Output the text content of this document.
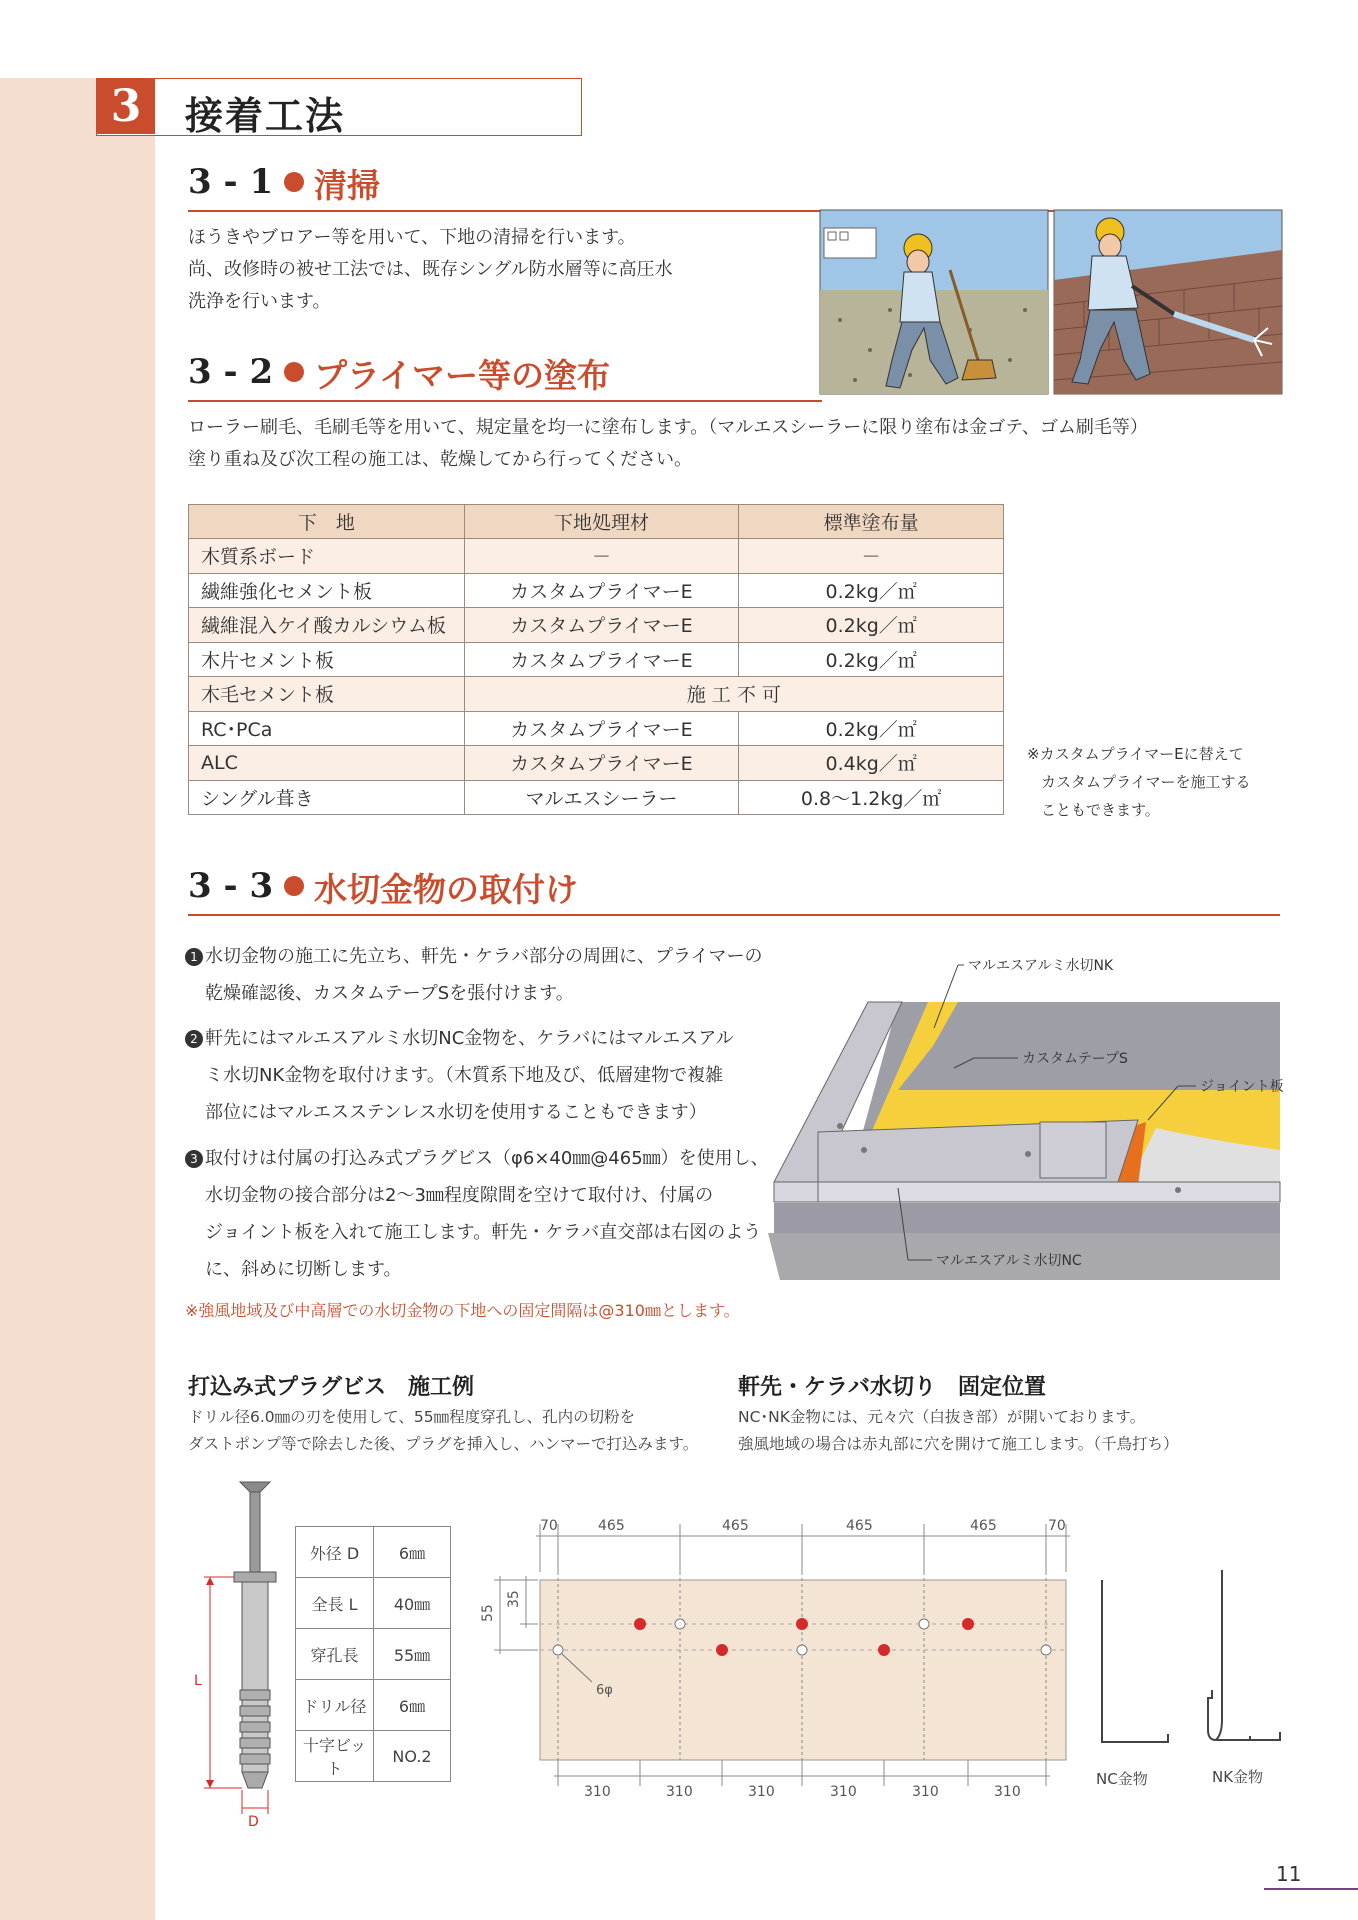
3	接着工法
3 - 1 清掃
ほうきやブロアー等を用いて、下地の清掃を行います。
尚、改修時の被せ工法では、既存シングル防水層等に高圧水
洗浄を行います。
3 - 2 プライマー等の塗布
ローラー刷毛、毛刷毛等を用いて、規定量を均一に塗布します。（マルエスシーラーに限り塗布は金ゴテ、ゴム刷毛等）
塗り重ね及び次工程の施工は、乾燥してから行ってください。
下　地	下地処理材	標準塗布量
木質系ボード	－	－
繊維強化セメント板	カスタムプライマーE	0.2kg／㎡
繊維混入ケイ酸カルシウム板	カスタムプライマーE	0.2kg／㎡
木片セメント板	カスタムプライマーE	0.2kg／㎡
木毛セメント板	施 工 不 可	
RC･PCa	カスタムプライマーE	0.2kg／㎡
ALC	カスタムプライマーE	0.4kg／㎡
シングル葺き	マルエスシーラー	0.8～1.2kg／㎡
※カスタムプライマーEに替えて
カスタムプライマーを施工する
こともできます。
3 - 3 水切金物の取付け
1 水切金物の施工に先立ち、軒先・ケラバ部分の周囲に、プライマーの
乾燥確認後、カスタムテープSを張付けます。
2 軒先にはマルエスアルミ水切NC金物を、ケラバにはマルエスアル
ミ水切NK金物を取付けます。（木質系下地及び、低層建物で複雑
部位にはマルエスステンレス水切を使用することもできます）
3 取付けは付属の打込み式プラグビス（φ6×40㎜@465㎜）を使用し、
水切金物の接合部分は2～3㎜程度隙間を空けて取付け、付属の
ジョイント板を入れて施工します。軒先・ケラバ直交部は右図のよう
に、斜めに切断します。
※強風地域及び中高層での水切金物の下地への固定間隔は@310㎜とします。
マルエスアルミ水切NK
カスタムテープS
ジョイント板
マルエスアルミ水切NC
打込み式プラグビス　施工例
ドリル径6.0㎜の刃を使用して、55㎜程度穿孔し、孔内の切粉を
ダストポンプ等で除去した後、プラグを挿入し、ハンマーで打込みます。
L
D
外径 D	6㎜
全長 L	40㎜
穿孔長	55㎜
ドリル径	6㎜
十字ビット	NO.2
軒先・ケラバ水切り　固定位置
NC･NK金物には、元々穴（白抜き部）が開いております。
強風地域の場合は赤丸部に穴を開けて施工します。（千鳥打ち）
70	465	465	465	465	70
55
35
6φ
310	310	310	310	310	310
NC金物	NK金物
11
